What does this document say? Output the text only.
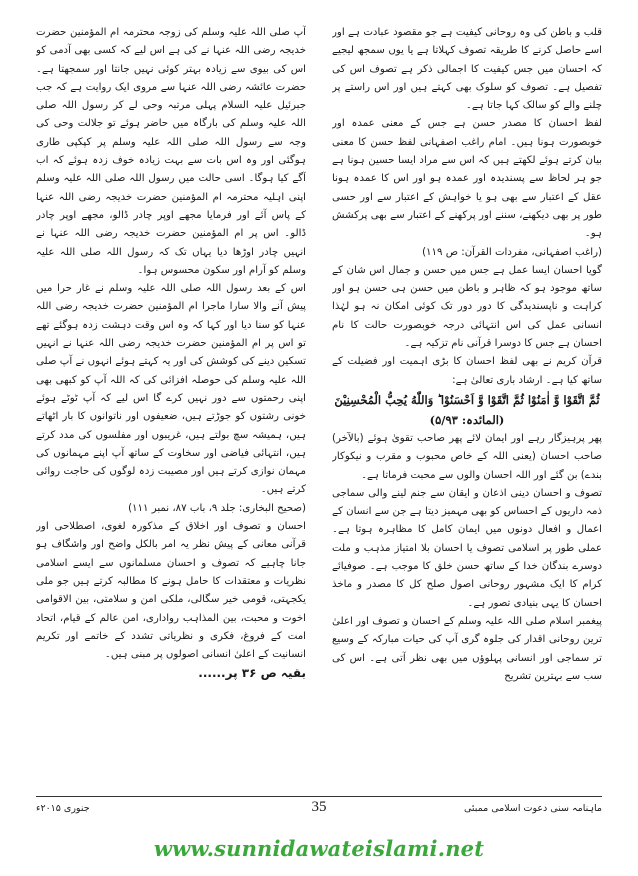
قلب و باطن کی وہ روحانی کیفیت ہے جو مقصود عبادت ہے اور اسے حاصل کرنے کا طریقہ تصوف کہلاتا ہے یا یوں سمجھ لیجیے کہ احسان میں جس کیفیت کا اجمالی ذکر ہے تصوف اس کی تفصیل ہے۔ تصوف کو سلوک بھی کہتے ہیں اور اس راستے پر چلنے والے کو سالک کہا جاتا ہے۔

لفظ احسان کا مصدر حسن ہے جس کے معنی عمدہ اور خوبصورت ہونا ہیں۔ امام راغب اصفہانی لفظ حسن کا معنی بیان کرتے ہوئے لکھتے ہیں کہ اس سے مراد ایسا حسین ہونا ہے جو ہر لحاظ سے پسندیدہ اور عمدہ ہو اور اس کا عمدہ ہونا عقل کے اعتبار سے بھی ہو یا خواہش کے اعتبار سے اور حسی طور پر بھی دیکھنے، سننے اور پرکھنے کے اعتبار سے بھی پرکشش ہو۔

(راغب اصفہانی، مفردات القرآن: ص ۱۱۹)

گویا احسان ایسا عمل ہے جس میں حسن و جمال اس شان کے ساتھ موجود ہو کہ ظاہر و باطن میں حسن ہی حسن ہو اور کراہت و ناپسندیدگی کا دور دور تک کوئی امکان نہ ہو لہٰذا انسانی عمل کی اس انتہائی درجہ خوبصورت حالت کا نام احسان ہے جس کا دوسرا قرآنی نام تزکیہ ہے۔

قرآن کریم نے بھی لفظ احسان کا بڑی اہمیت اور فضیلت کے ساتھ کیا ہے۔ ارشاد باری تعالیٰ ہے:

ثُمَّ اتَّقَوْا وَّ اٰمَنُوْا ثُمَّ اتَّقَوْا وَّ اَحْسَنُوْا ؕ وَاللّٰهُ يُحِبُّ الْمُحْسِنِيْنَ

(المائدہ: ۵/۹۳)

پھر پرہیزگار رہے اور ایمان لائے پھر صاحب تقویٰ ہوئے (بالآخر) صاحب احسان (یعنی اللہ کے خاص محبوب و مقرب و نیکوکار بندے) بن گئے اور اللہ احسان والوں سے محبت فرماتا ہے۔

تصوف و احسان دینی اذعان و ایقان سے جنم لینے والی سماجی ذمہ داریوں کے احساس کو بھی مہمیز دیتا ہے جن سے انسان کے اعمال و افعال دونوں میں ایمان کامل کا مظاہرہ ہوتا ہے۔ عملی طور پر اسلامی تصوف یا احسان بلا امتیاز مذہب و ملت دوسرے بندگان خدا کے ساتھ حسن خلق کا موجب ہے۔ صوفیائے کرام کا ایک مشہور روحانی اصول صلح کل کا مصدر و ماخذ احسان کا یہی بنیادی تصور ہے۔

پیغمبر اسلام صلی اللہ علیہ وسلم کے احسان و تصوف اور اعلیٰ ترین روحانی اقدار کی جلوہ گری آپ کی حیات مبارکہ کے وسیع تر سماجی اور انسانی پہلوؤں میں بھی نظر آتی ہے۔ اس کی سب سے بہترین تشریح

آپ صلی اللہ علیہ وسلم کی زوجہ محترمہ ام المؤمنین حضرت خدیجہ رضی اللہ عنہا نے کی ہے اس لیے کہ کسی بھی آدمی کو اس کی بیوی سے زیادہ بہتر کوئی نہیں جانتا اور سمجھتا ہے۔ حضرت عائشہ رضی اللہ عنہا سے مروی ایک روایت ہے کہ جب جبرئیل علیہ السلام پہلی مرتبہ وحی لے کر رسول اللہ صلی اللہ علیہ وسلم کی بارگاہ میں حاضر ہوئے تو جلالت وحی کی وجہ سے رسول اللہ صلی اللہ علیہ وسلم پر کپکپی طاری ہوگئی اور وہ اس بات سے بہت زیادہ خوف زدہ ہوئے کہ اب آگے کیا ہوگا۔ اسی حالت میں رسول اللہ صلی اللہ علیہ وسلم اپنی اہلیہ محترمہ ام المؤمنین حضرت خدیجہ رضی اللہ عنہا کے پاس آئے اور فرمایا مجھے اوپر چادر ڈالو، مجھے اوپر چادر ڈالو۔ اس پر ام المؤمنین حضرت خدیجہ رضی اللہ عنہا نے انہیں چادر اوڑھا دیا یہاں تک کہ رسول اللہ صلی اللہ علیہ وسلم کو آرام اور سکون محسوس ہوا۔

اس کے بعد رسول اللہ صلی اللہ علیہ وسلم نے غار حرا میں پیش آنے والا سارا ماجرا ام المؤمنین حضرت خدیجہ رضی اللہ عنہا کو سنا دیا اور کہا کہ وہ اس وقت دہشت زدہ ہوگئے تھے تو اس پر ام المؤمنین حضرت خدیجہ رضی اللہ عنہا نے انہیں تسکین دینے کی کوشش کی اور یہ کہتے ہوئے انہوں نے آپ صلی اللہ علیہ وسلم کی حوصلہ افزائی کی کہ اللہ آپ کو کبھی بھی اپنی رحمتوں سے دور نہیں کرے گا اس لیے کہ آپ ٹوٹے ہوئے خونی رشتوں کو جوڑتے ہیں، ضعیفوں اور ناتوانوں کا بار اٹھاتے ہیں، ہمیشہ سچ بولتے ہیں، غریبوں اور مفلسوں کی مدد کرتے ہیں، انتہائی فیاضی اور سخاوت کے ساتھ آپ اپنے مہمانوں کی مہمان نوازی کرتے ہیں اور مصیبت زدہ لوگوں کی حاجت روائی کرتے ہیں۔

(صحیح البخاری: جلد ۹، باب ۸۷، نمبر ۱۱۱)

احسان و تصوف اور اخلاق کے مذکورہ لغوی، اصطلاحی اور قرآنی معانی کے پیش نظر یہ امر بالکل واضح اور واشگاف ہو جانا چاہیے کہ تصوف و احسان مسلمانوں سے ایسے اسلامی نظریات و معتقدات کا حامل ہونے کا مطالبہ کرتے ہیں جو ملی یکجہتی، قومی خیر سگالی، ملکی امن و سلامتی، بین الاقوامی اخوت و محبت، بین المذاہب رواداری، امن عالم کے قیام، اتحاد امت کے فروغ، فکری و نظریاتی تشدد کے خاتمے اور تکریم انسانیت کے اعلیٰ انسانی اصولوں پر مبنی ہیں۔

بقیہ ص ۳۶ پر......

جنوری ۲۰۱۵ء	35	ماہنامہ سنی دعوت اسلامی ممبئی
www.sunnidawateislami.net
